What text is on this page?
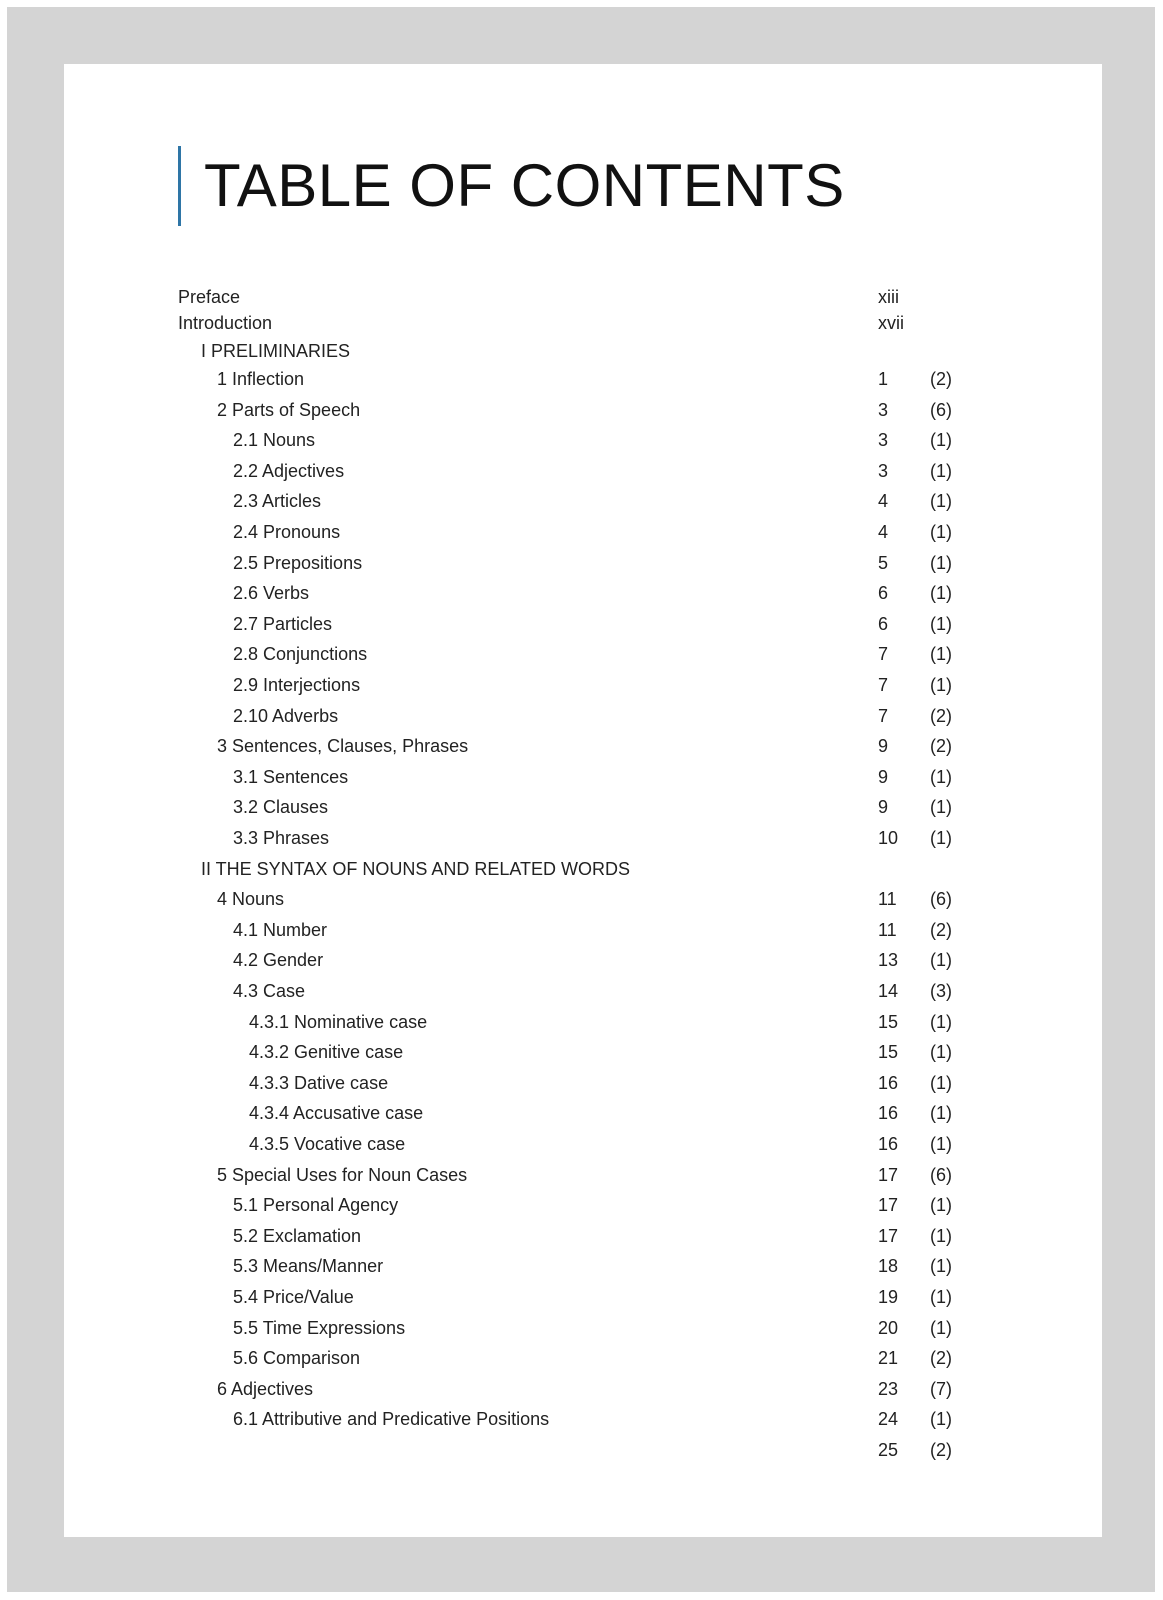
TABLE OF CONTENTS
Preface	xiii
Introduction	xvii
I PRELIMINARIES
1 Inflection	1 (2)
2 Parts of Speech	3 (6)
2.1 Nouns	3 (1)
2.2 Adjectives	3 (1)
2.3 Articles	4 (1)
2.4 Pronouns	4 (1)
2.5 Prepositions	5 (1)
2.6 Verbs	6 (1)
2.7 Particles	6 (1)
2.8 Conjunctions	7 (1)
2.9 Interjections	7 (1)
2.10 Adverbs	7 (2)
3 Sentences, Clauses, Phrases	9 (2)
3.1 Sentences	9 (1)
3.2 Clauses	9 (1)
3.3 Phrases	10 (1)
II THE SYNTAX OF NOUNS AND RELATED WORDS
4 Nouns	11 (6)
4.1 Number	11 (2)
4.2 Gender	13 (1)
4.3 Case	14 (3)
4.3.1 Nominative case	15 (1)
4.3.2 Genitive case	15 (1)
4.3.3 Dative case	16 (1)
4.3.4 Accusative case	16 (1)
4.3.5 Vocative case	16 (1)
5 Special Uses for Noun Cases	17 (6)
5.1 Personal Agency	17 (1)
5.2 Exclamation	17 (1)
5.3 Means/Manner	18 (1)
5.4 Price/Value	19 (1)
5.5 Time Expressions	20 (1)
5.6 Comparison	21 (2)
6 Adjectives	23 (7)
6.1 Attributive and Predicative Positions	24 (1)
25 (2)
